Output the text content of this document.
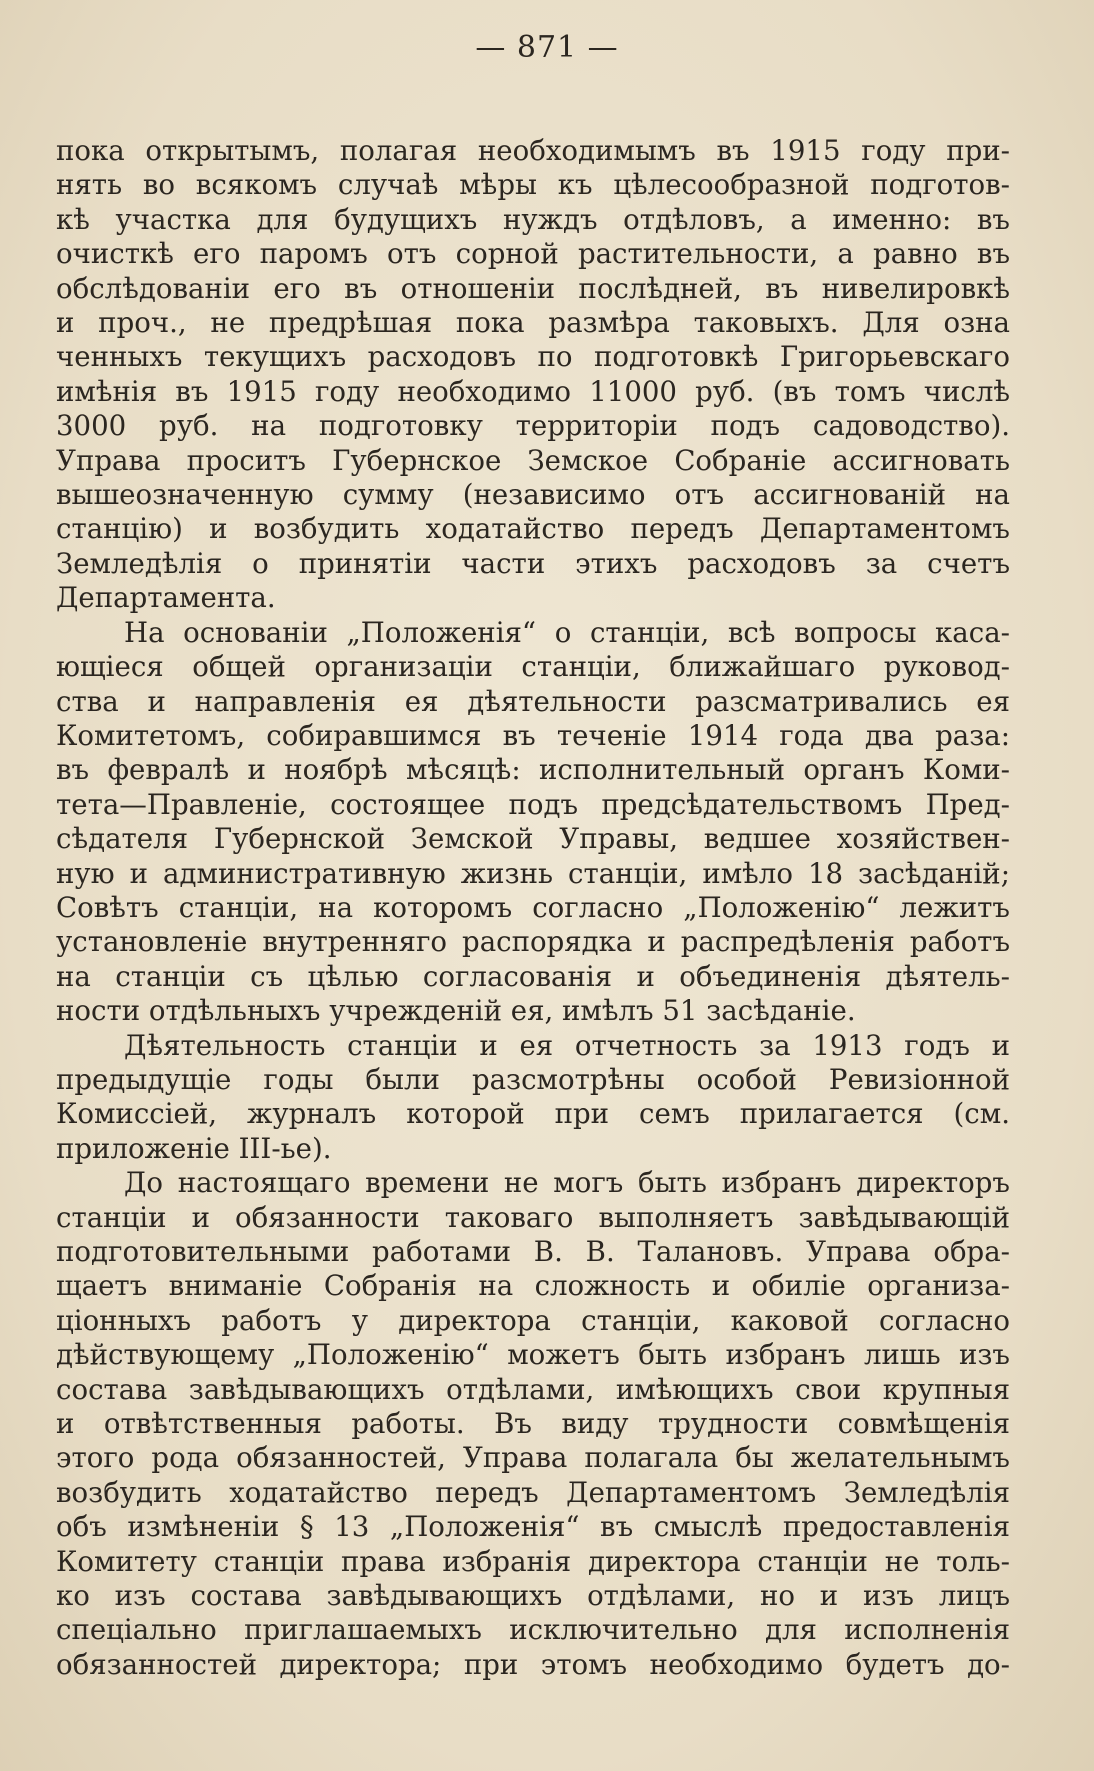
— 871 —

пока открытымъ, полагая необходимымъ въ 1915 году при-
нять во всякомъ случаѣ мѣры къ цѣлесообразной подготов-
кѣ участка для будущихъ нуждъ отдѣловъ, а именно: въ
очисткѣ его паромъ отъ сорной растительности, а равно въ
обслѣдованіи его въ отношеніи послѣдней, въ нивелировкѣ
и проч., не предрѣшая пока размѣра таковыхъ. Для озна
ченныхъ текущихъ расходовъ по подготовкѣ Григорьевскаго
имѣнія въ 1915 году необходимо 11000 руб. (въ томъ числѣ
3000 руб. на подготовку территоріи подъ садоводство).
Управа проситъ Губернское Земское Собраніе ассигновать
вышеозначенную сумму (независимо отъ ассигнованій на
станцію) и возбудить ходатайство передъ Департаментомъ
Земледѣлія о принятіи части этихъ расходовъ за счетъ
Департамента.

На основаніи „Положенія“ о станціи, всѣ вопросы каса-
ющіеся общей организаціи станціи, ближайшаго руковод-
ства и направленія ея дѣятельности разсматривались ея
Комитетомъ, собиравшимся въ теченіе 1914 года два раза:
въ февралѣ и ноябрѣ мѣсяцѣ: исполнительный органъ Коми-
тета—Правленіе, состоящее подъ предсѣдательствомъ Пред-
сѣдателя Губернской Земской Управы, ведшее хозяйствен-
ную и административную жизнь станціи, имѣло 18 засѣданій;
Совѣтъ станціи, на которомъ согласно „Положенію“ лежитъ
установленіе внутренняго распорядка и распредѣленія работъ
на станціи съ цѣлью согласованія и объединенія дѣятель-
ности отдѣльныхъ учрежденій ея, имѣлъ 51 засѣданіе.

Дѣятельность станціи и ея отчетность за 1913 годъ и
предыдущіе годы были разсмотрѣны особой Ревизіонной
Комиссіей, журналъ которой при семъ прилагается (см.
приложеніе III-ье).

До настоящаго времени не могъ быть избранъ директоръ
станціи и обязанности таковаго выполняетъ завѣдывающій
подготовительными работами В. В. Талановъ. Управа обра-
щаетъ вниманіе Собранія на сложность и обиліе организа-
ціонныхъ работъ у директора станціи, каковой согласно
дѣйствующему „Положенію“ можетъ быть избранъ лишь изъ
состава завѣдывающихъ отдѣлами, имѣющихъ свои крупныя
и отвѣтственныя работы. Въ виду трудности совмѣщенія
этого рода обязанностей, Управа полагала бы желательнымъ
возбудить ходатайство передъ Департаментомъ Земледѣлія
объ измѣненіи § 13 „Положенія“ въ смыслѣ предоставленія
Комитету станціи права избранія директора станціи не толь-
ко изъ состава завѣдывающихъ отдѣлами, но и изъ лицъ
спеціально приглашаемыхъ исключительно для исполненія
обязанностей директора; при этомъ необходимо будетъ до-
